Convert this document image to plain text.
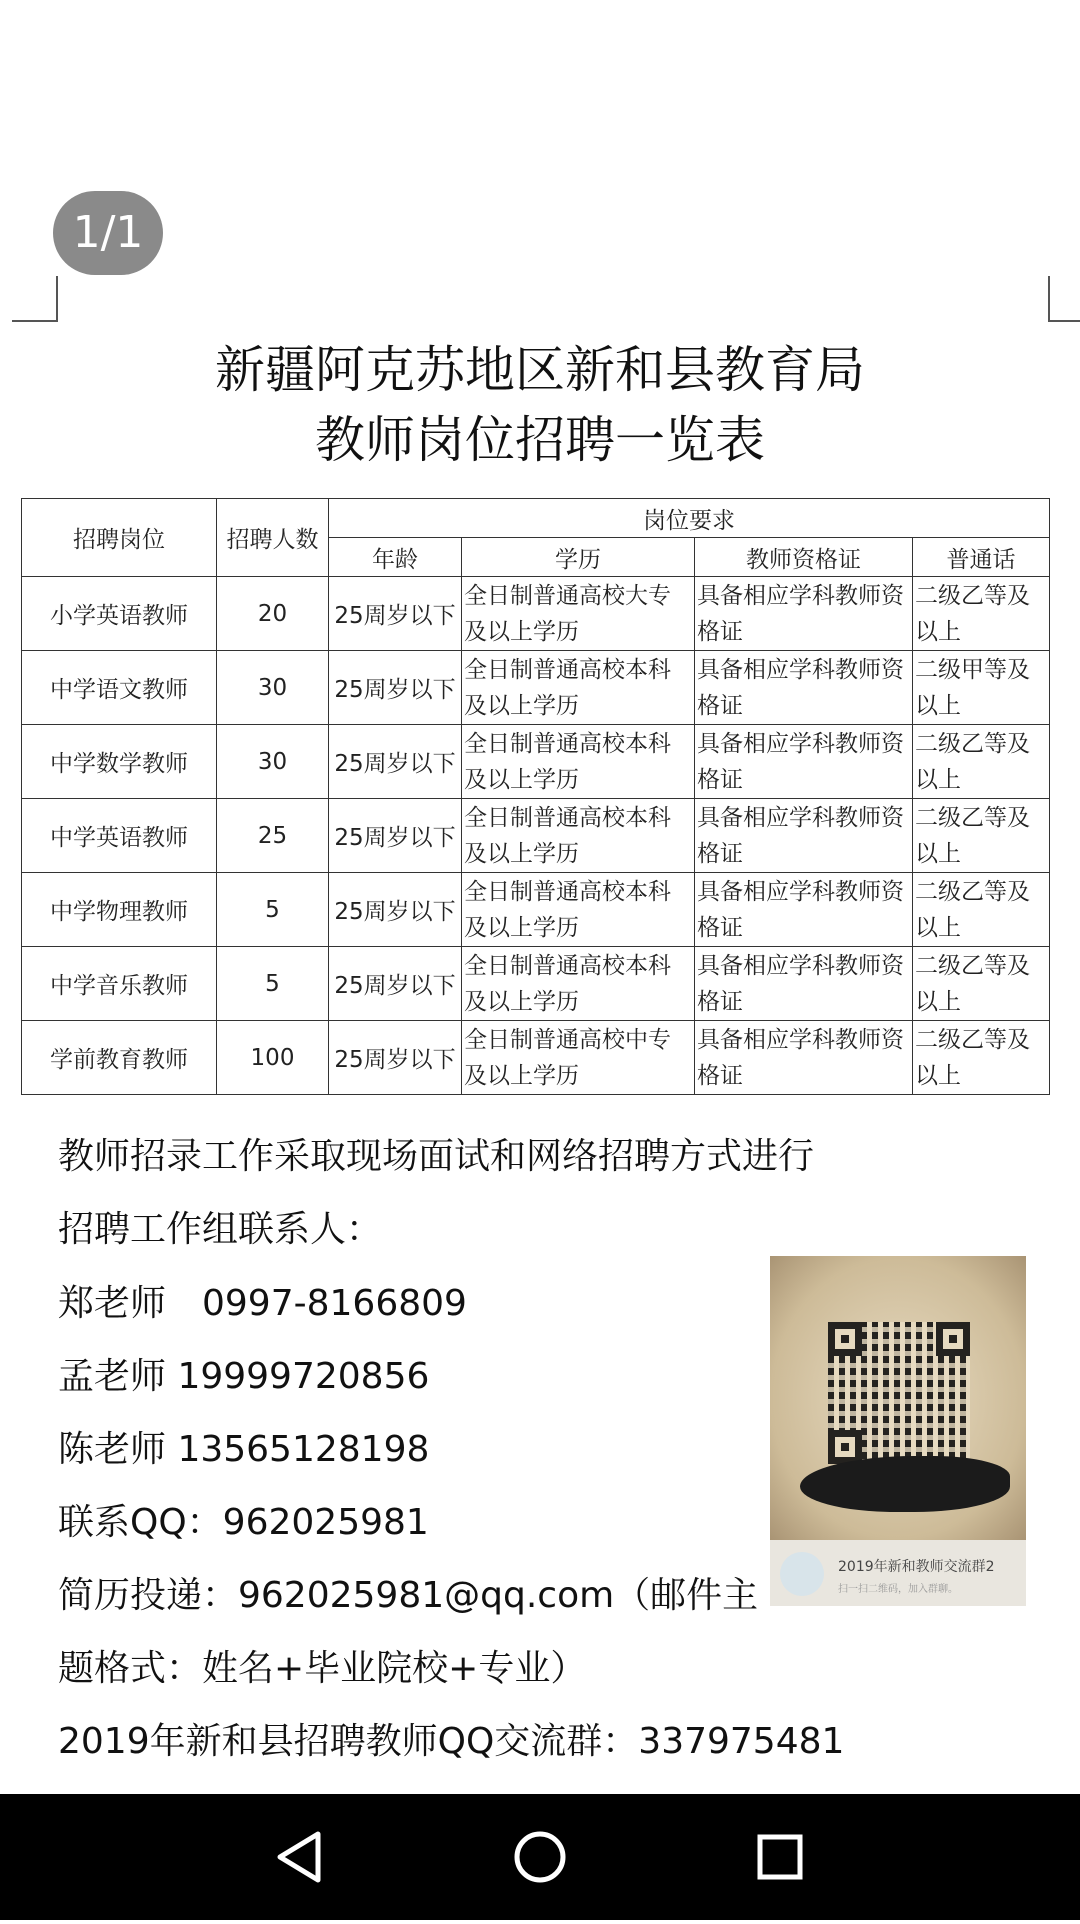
1/1
新疆阿克苏地区新和县教育局
教师岗位招聘一览表
招聘岗位	招聘人数	岗位要求			
		年龄	学历	教师资格证	普通话
小学英语教师	20	25周岁以下	全日制普通高校大专及以上学历	具备相应学科教师资格证	二级乙等及以上
中学语文教师	30	25周岁以下	全日制普通高校本科及以上学历	具备相应学科教师资格证	二级甲等及以上
中学数学教师	30	25周岁以下	全日制普通高校本科及以上学历	具备相应学科教师资格证	二级乙等及以上
中学英语教师	25	25周岁以下	全日制普通高校本科及以上学历	具备相应学科教师资格证	二级乙等及以上
中学物理教师	5	25周岁以下	全日制普通高校本科及以上学历	具备相应学科教师资格证	二级乙等及以上
中学音乐教师	5	25周岁以下	全日制普通高校本科及以上学历	具备相应学科教师资格证	二级乙等及以上
学前教育教师	100	25周岁以下	全日制普通高校中专及以上学历	具备相应学科教师资格证	二级乙等及以上
教师招录工作采取现场面试和网络招聘方式进行
招聘工作组联系人：
郑老师　0997-8166809
孟老师 19999720856
陈老师 13565128198
联系QQ：962025981
简历投递：962025981@qq.com（邮件主
题格式：姓名+毕业院校+专业）
2019年新和县招聘教师QQ交流群：337975481
2019年新和教师交流群2
扫一扫二维码，加入群聊。
